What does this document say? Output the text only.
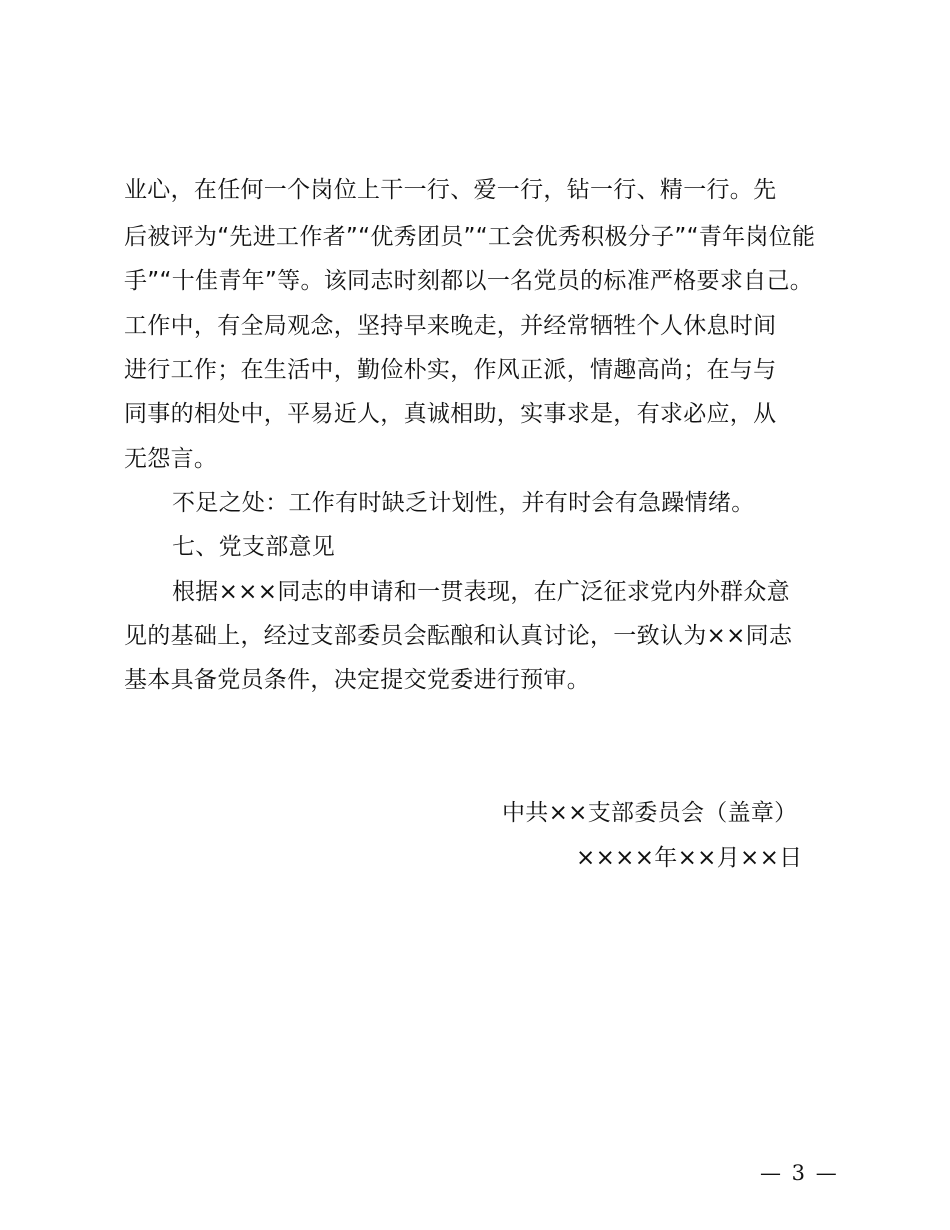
业心，在任何一个岗位上干一行、爱一行，钻一行、精一行。先
后被评为“先进工作者”“优秀团员”“工会优秀积极分子”“青年岗位能
手”“十佳青年”等。该同志时刻都以一名党员的标准严格要求自己。
工作中，有全局观念，坚持早来晚走，并经常牺牲个人休息时间
进行工作；在生活中，勤俭朴实，作风正派，情趣高尚；在与与
同事的相处中，平易近人，真诚相助，实事求是，有求必应，从
无怨言。
不足之处：工作有时缺乏计划性，并有时会有急躁情绪。
七、党支部意见
根据×××同志的申请和一贯表现，在广泛征求党内外群众意
见的基础上，经过支部委员会酝酿和认真讨论，一致认为××同志
基本具备党员条件，决定提交党委进行预审。
中共××支部委员会（盖章）
××××年××月××日
— 3 —
